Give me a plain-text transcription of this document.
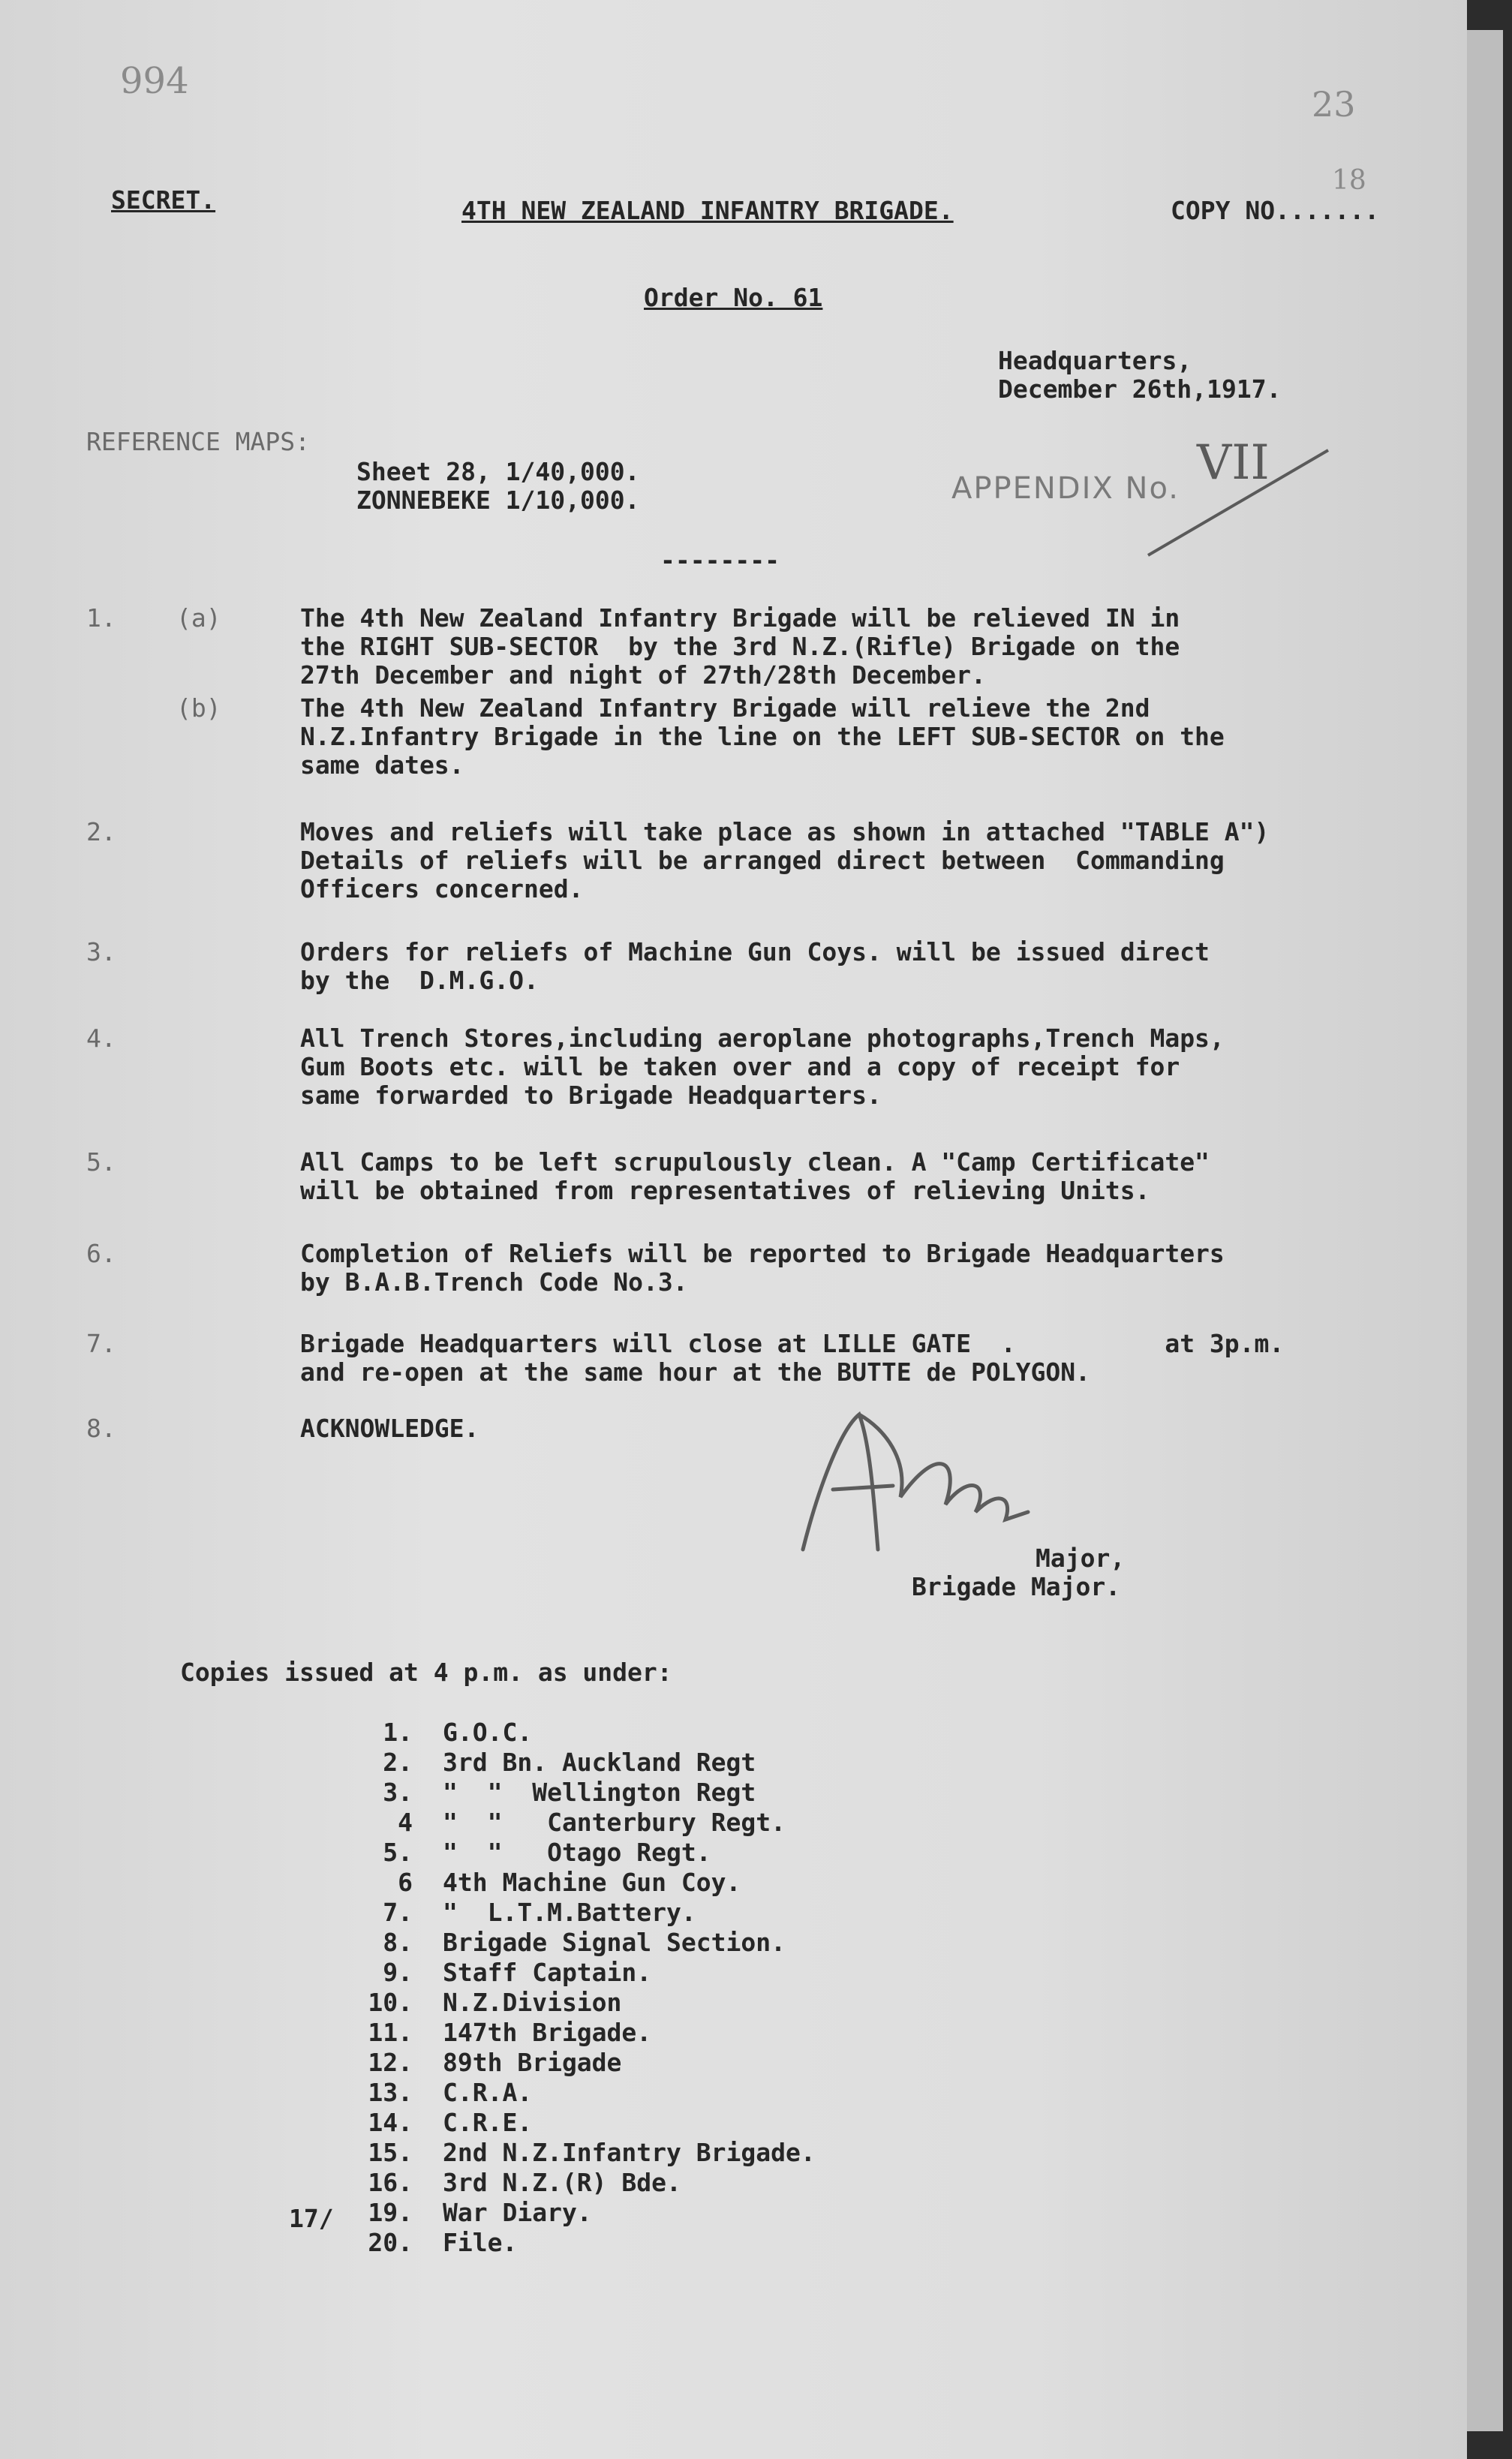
994
23
SECRET.	4TH NEW ZEALAND INFANTRY BRIGADE.	COPY NO.......
18
Order No. 61
Headquarters,
December 26th,1917.
REFERENCE MAPS:
Sheet 28, 1/40,000.
ZONNEBEKE 1/10,000.	APPENDIX No. VII
--------
1. (a)	The 4th New Zealand Infantry Brigade will be relieved IN in
the RIGHT SUB-SECTOR  by the 3rd N.Z.(Rifle) Brigade on the
27th December and night of 27th/28th December.
(b)	The 4th New Zealand Infantry Brigade will relieve the 2nd
N.Z.Infantry Brigade in the line on the LEFT SUB-SECTOR on the
same dates.
2.	Moves and reliefs will take place as shown in attached "TABLE A")
Details of reliefs will be arranged direct between  Commanding
Officers concerned.
3.	Orders for reliefs of Machine Gun Coys. will be issued direct
by the  D.M.G.O.
4.	All Trench Stores,including aeroplane photographs,Trench Maps,
Gum Boots etc. will be taken over and a copy of receipt for
same forwarded to Brigade Headquarters.
5.	All Camps to be left scrupulously clean. A "Camp Certificate"
will be obtained from representatives of relieving Units.
6.	Completion of Reliefs will be reported to Brigade Headquarters
by B.A.B.Trench Code No.3.
7.	Brigade Headquarters will close at LILLE GATE  .          at 3p.m.
and re-open at the same hour at the BUTTE de POLYGON.
8.	ACKNOWLEDGE.
Major,
Brigade Major.
Copies issued at 4 p.m. as under:
17/
1. G.O.C.
2. 3rd Bn. Auckland Regt
3. "  "  Wellington Regt
4 "  "   Canterbury Regt.
5. "  "   Otago Regt.
6 4th Machine Gun Coy.
7. "  L.T.M.Battery.
8. Brigade Signal Section.
9. Staff Captain.
10. N.Z.Division
11. 147th Brigade.
12. 89th Brigade
13. C.R.A.
14. C.R.E.
15. 2nd N.Z.Infantry Brigade.
16. 3rd N.Z.(R) Bde.
19. War Diary.
20. File.
